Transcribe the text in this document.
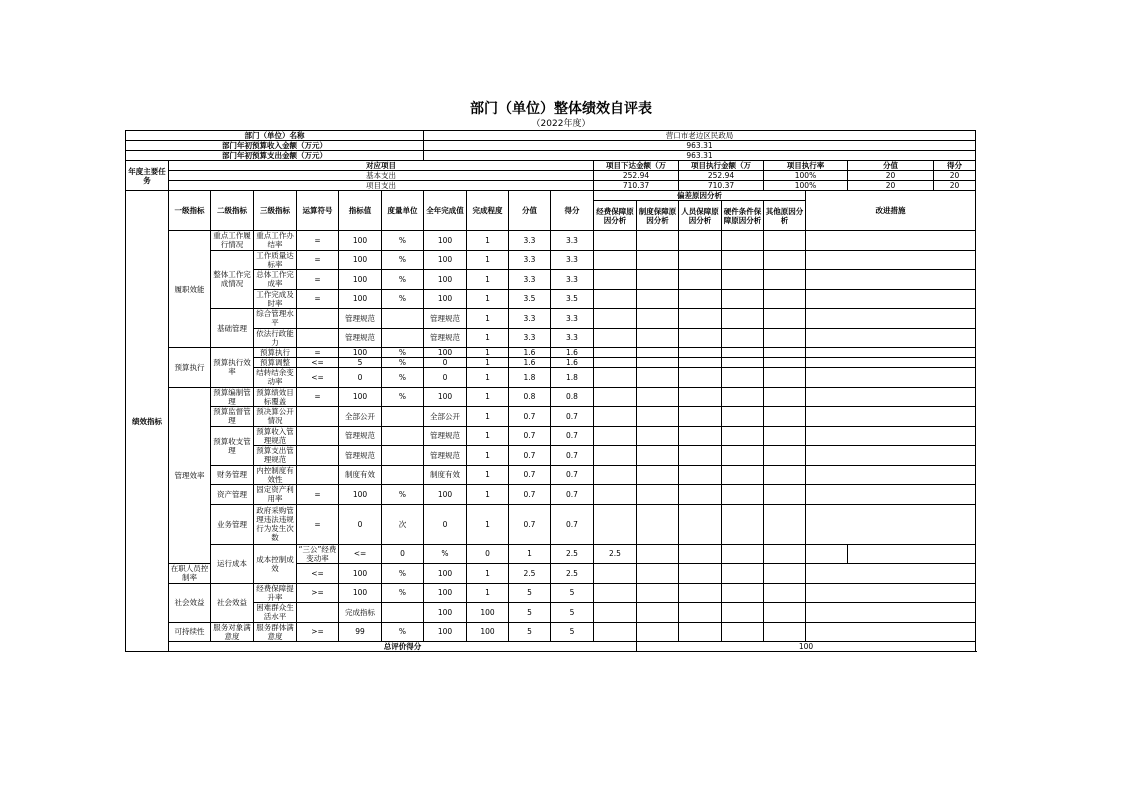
部门（单位）整体绩效自评表
（2022年度）
部门（单位）名称							营口市老边区民政局											
部门年初预算收入金额（万元）							963.31											
部门年初预算支出金额（万元）							963.31											
年度主要任务	对应项目										项目下达金额（万		项目执行金额（万		项目执行率		分值	得分
	基本支出										252.94		252.94		100%		20	20
	项目支出										710.37		710.37		100%		20	20
绩效指标	一级指标	二级指标	三级指标	运算符号	指标值	度量单位	全年完成值	完成程度	分值	得分	偏差原因分析					改进措施		
											经费保障原因分析	制度保障原因分析	人员保障原因分析	硬件条件保障原因分析	其他原因分析			
	履职效能	重点工作履行情况	重点工作办结率	=	100	%	100	1	3.3	3.3								
		整体工作完成情况	工作质量达标率	=	100	%	100	1	3.3	3.3								
			总体工作完成率	=	100	%	100	1	3.3	3.3								
			工作完成及时率	=	100	%	100	1	3.5	3.5								
		基础管理	综合管理水平		管理规范		管理规范	1	3.3	3.3								
			依法行政能力		管理规范		管理规范	1	3.3	3.3								
	预算执行	预算执行效率	预算执行	=	100	%	100	1	1.6	1.6								
			预算调整	<=	5	%	0	1	1.6	1.6								
			结转结余变动率	<=	0	%	0	1	1.8	1.8								
	管理效率	预算编制管理	预算绩效目标覆盖	=	100	%	100	1	0.8	0.8								
		预算监督管理	预决算公开情况		全部公开		全部公开	1	0.7	0.7								
		预算收支管理	预算收入管理规范		管理规范		管理规范	1	0.7	0.7								
			预算支出管理规范		管理规范		管理规范	1	0.7	0.7								
		财务管理	内控制度有效性		制度有效		制度有效	1	0.7	0.7								
		资产管理	固定资产利用率	=	100	%	100	1	0.7	0.7								
		业务管理	政府采购管理违法违规行为发生次数	=	0	次	0	1	0.7	0.7								
		运行成本	成本控制成效	“三公”经费变动率	<=	0	%	0	1	2.5	2.5							
	在职人员控制率			<=	100	%	100	1	2.5	2.5								
	社会效益	社会效益	经费保障提升率	>=	100	%	100	1	5	5								
			困难群众生活水平		完成指标		100	100	5	5								
	可持续性	服务对象满意度	服务群体满意度	>=	99	%	100	100	5	5								
	总评价得分											100						
